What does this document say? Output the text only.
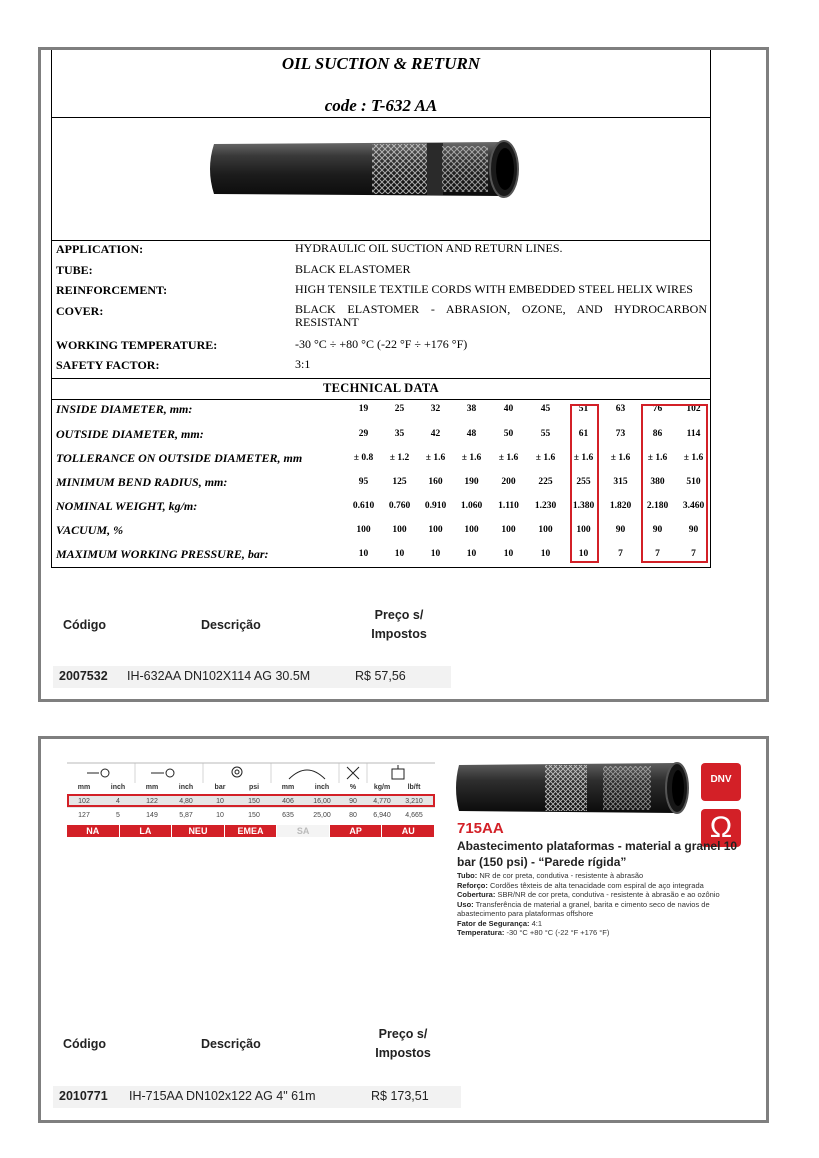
OIL SUCTION & RETURN
code : T-632 AA
APPLICATION:	HYDRAULIC OIL SUCTION AND RETURN LINES.
TUBE:	BLACK ELASTOMER
REINFORCEMENT:	HIGH TENSILE TEXTILE CORDS WITH EMBEDDED STEEL HELIX WIRES
COVER:	BLACK ELASTOMER - ABRASION, OZONE, AND HYDROCARBON RESISTANT
WORKING TEMPERATURE:	-30 °C ÷ +80 °C (-22 °F ÷ +176 °F)
SAFETY FACTOR:	3:1
TECHNICAL DATA
INSIDE DIAMETER, mm:	19	25	32	38	40	45	51	63	76	102
OUTSIDE DIAMETER, mm:	29	35	42	48	50	55	61	73	86	114
TOLLERANCE ON OUTSIDE DIAMETER, mm	± 0.8	± 1.2	± 1.6	± 1.6	± 1.6	± 1.6	± 1.6	± 1.6	± 1.6	± 1.6
MINIMUM BEND RADIUS, mm:	95	125	160	190	200	225	255	315	380	510
NOMINAL WEIGHT, kg/m:	0.610	0.760	0.910	1.060	1.110	1.230	1.380	1.820	2.180	3.460
VACUUM, %	100	100	100	100	100	100	100	90	90	90
MAXIMUM WORKING PRESSURE, bar:	10	10	10	10	10	10	10	7	7	7
Código	Descrição
Preço s/ Impostos
2007532 IH-632AA DN102X114 AG 30.5M	R$ 57,56
mm	inch	mm	inch	bar	psi	mm	inch	%	kg/m	lb/ft
102	4	122	4,80	10	150	406	16,00	90	4,770	3,210
127	5	149	5,87	10	150	635	25,00	80	6,940	4,665
NA	LA	NEU	EMEA	SA	AP	AU
DNV
Ω
715AA
Abastecimento plataformas - material a granel 10 bar (150 psi) - “Parede rígida”
Tubo: NR de cor preta, condutiva - resistente à abrasão
Reforço: Cordões têxteis de alta tenacidade com espiral de aço integrada
Cobertura: SBR/NR de cor preta, condutiva - resistente à abrasão e ao ozônio
Uso: Transferência de material a granel, barita e cimento seco de navios de abastecimento para plataformas offshore
Fator de Segurança: 4:1
Temperatura: -30 °C +80 °C (-22 °F +176 °F)
Código	Descrição
Preço s/ Impostos
2010771 IH-715AA DN102x122 AG 4" 61m	R$ 173,51
